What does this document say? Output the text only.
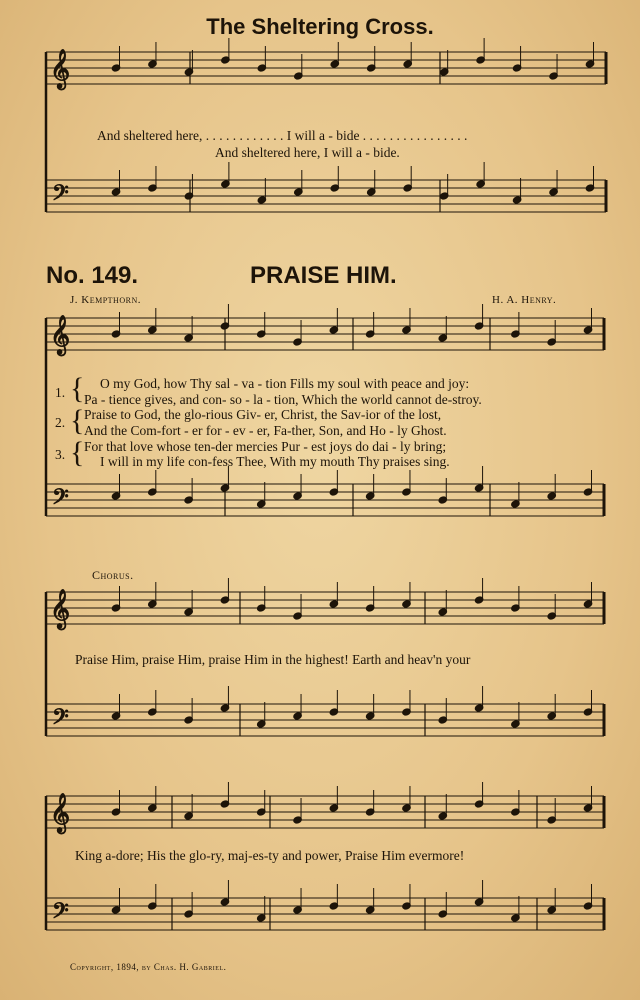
𝄞
𝄢
𝄞
𝄢
𝄞
𝄢
𝄞
𝄢
The Sheltering Cross.
And sheltered here, . . . . . . . . . . . . I will a - bide . . . . . . . . . . . . . . . .
And sheltered here, I will a - bide.
No. 149.	PRAISE HIM.
J. Kempthorn.	H. A. Henry.
1.
2.
3.
{
{
{
O my God, how Thy sal - va - tion Fills my soul with peace and joy:
Pa - tience gives, and con- so - la - tion, Which the world cannot de-stroy.
Praise to God, the glo-rious Giv- er, Christ, the Sav-ior of the lost,
And the Com-fort - er for - ev - er, Fa-ther, Son, and Ho - ly Ghost.
For that love whose ten-der mercies Pur - est joys do dai - ly bring;
I will in my life con-fess Thee, With my mouth Thy praises sing.
Chorus.
Praise Him, praise Him, praise Him in the highest! Earth and heav'n your
King a-dore; His the glo-ry, maj-es-ty and power, Praise Him evermore!
Copyright, 1894, by Chas. H. Gabriel.
